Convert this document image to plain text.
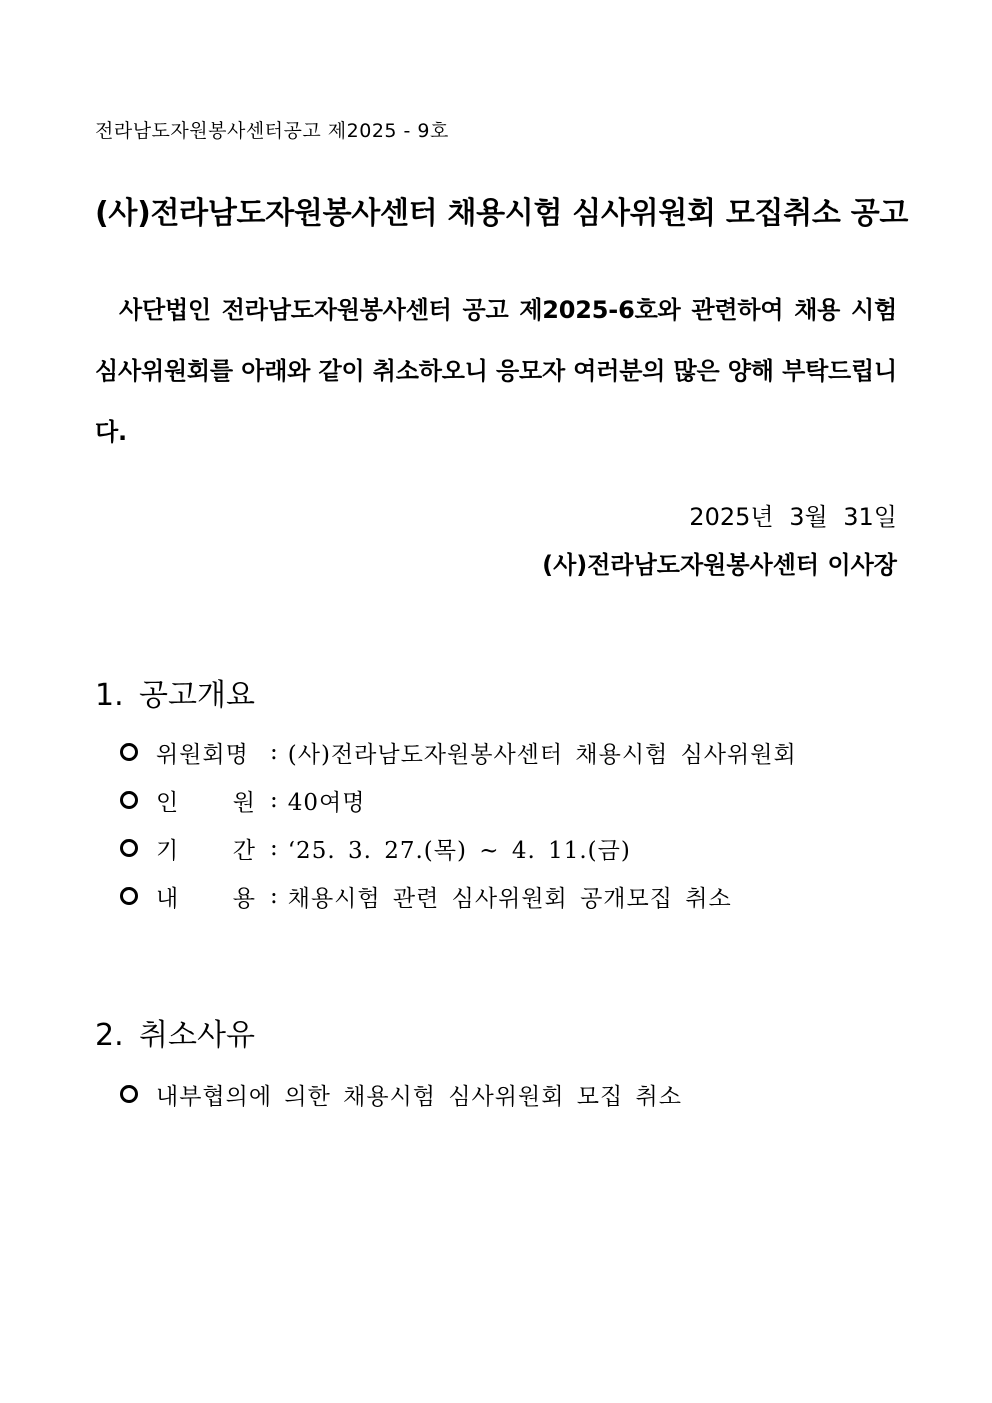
전라남도자원봉사센터공고 제2025 - 9호
(사)전라남도자원봉사센터 채용시험 심사위원회 모집취소 공고
사단법인 전라남도자원봉사센터 공고 제2025-6호와 관련하여 채용 시험 심사위원회를 아래와 같이 취소하오니 응모자 여러분의 많은 양해 부탁드립니다.
2025년 3월 31일
(사)전라남도자원봉사센터 이사장
1. 공고개요
위원회명 : (사)전라남도자원봉사센터 채용시험 심사위원회
인 원 : 40여명
기 간 : ‘25. 3. 27.(목) ~ 4. 11.(금)
내 용 : 채용시험 관련 심사위원회 공개모집 취소
2. 취소사유
내부협의에 의한 채용시험 심사위원회 모집 취소
